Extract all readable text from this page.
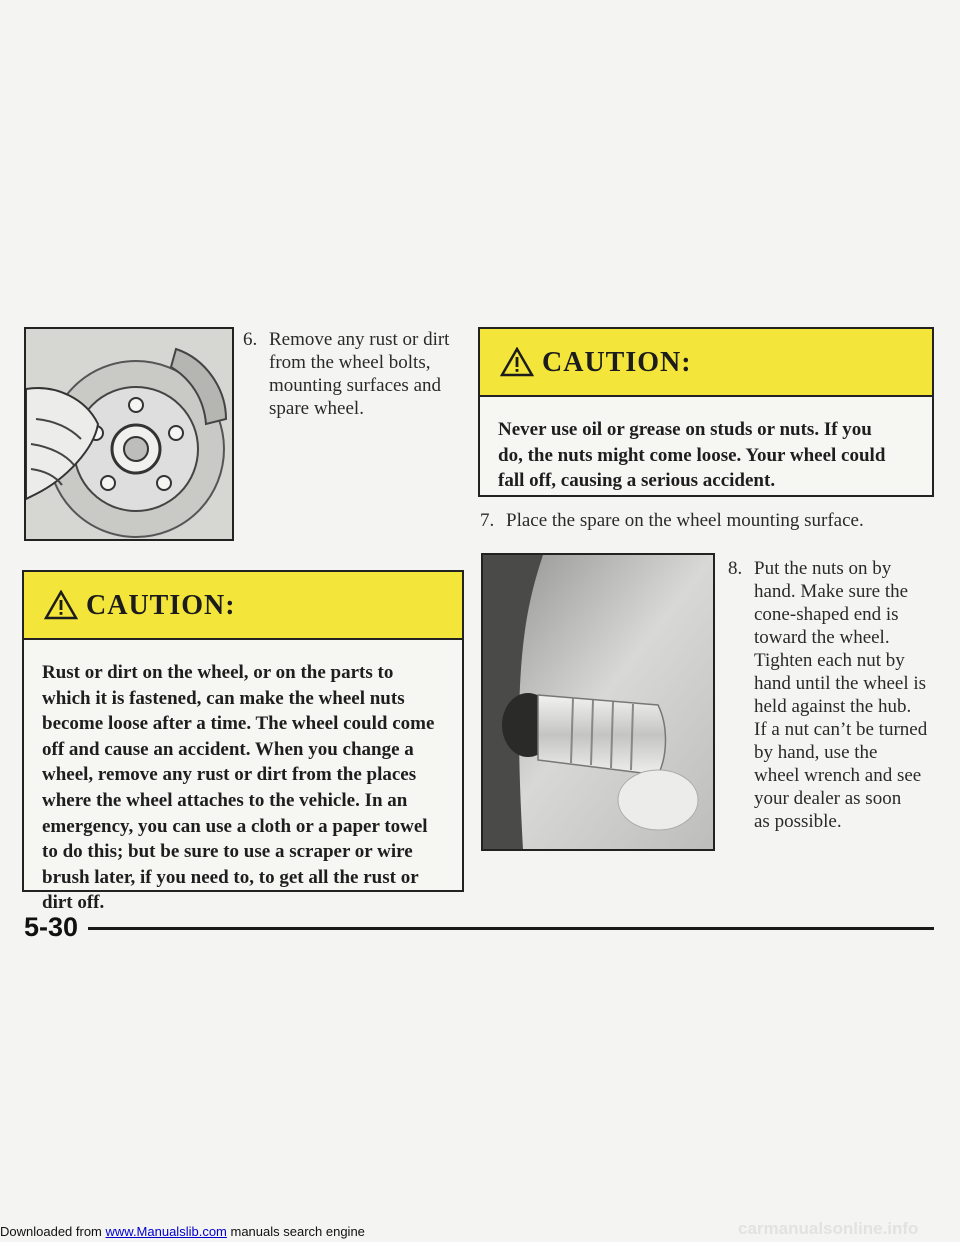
6. Remove any rust or dirt
from the wheel bolts,
mounting surfaces and
spare wheel.
CAUTION:
Never use oil or grease on studs or nuts. If you
do, the nuts might come loose. Your wheel could
fall off, causing a serious accident.
7. Place the spare on the wheel mounting surface.
8. Put the nuts on by
hand. Make sure the
cone-shaped end is
toward the wheel.
Tighten each nut by
hand until the wheel is
held against the hub.
If a nut can’t be turned
by hand, use the
wheel wrench and see
your dealer as soon
as possible.
CAUTION:
Rust or dirt on the wheel, or on the parts to
which it is fastened, can make the wheel nuts
become loose after a time. The wheel could come
off and cause an accident. When you change a
wheel, remove any rust or dirt from the places
where the wheel attaches to the vehicle. In an
emergency, you can use a cloth or a paper towel
to do this; but be sure to use a scraper or wire
brush later, if you need to, to get all the rust or
dirt off.
5-30
Downloaded from www.Manualslib.com manuals search engine	carmanualsonline.info
